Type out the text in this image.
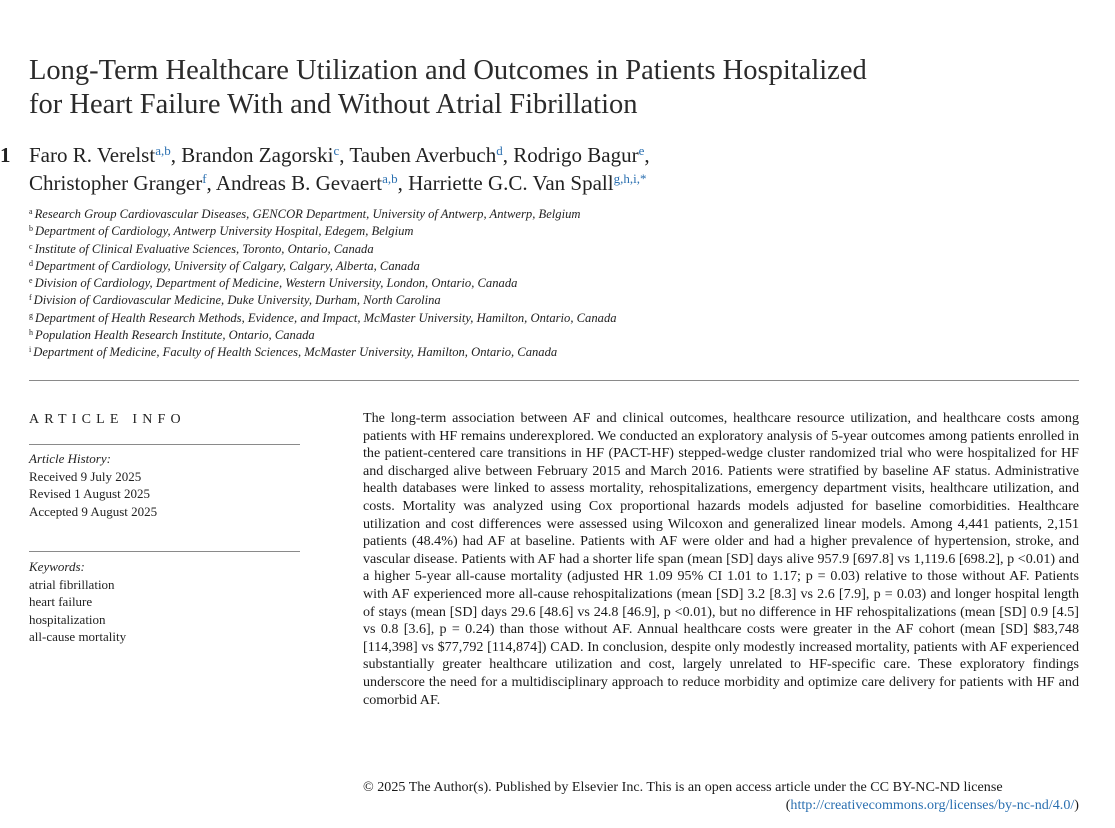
1
Long-Term Healthcare Utilization and Outcomes in Patients Hospitalized
for Heart Failure With and Without Atrial Fibrillation
Faro R. Verelst$^{a,b}$, Brandon Zagorski$^c$, Tauben Averbuch$^d$, Rodrigo Bagur$^e$,
Christopher Granger$^f$, Andreas B. Gevaert$^{a,b}$, Harriette G.C. Van Spall$^{g,h,i,*}$
$^a$ Research Group Cardiovascular Diseases, GENCOR Department, University of Antwerp, Antwerp, Belgium
$^b$ Department of Cardiology, Antwerp University Hospital, Edegem, Belgium
$^c$ Institute of Clinical Evaluative Sciences, Toronto, Ontario, Canada
$^d$ Department of Cardiology, University of Calgary, Calgary, Alberta, Canada
$^e$ Division of Cardiology, Department of Medicine, Western University, London, Ontario, Canada
$^f$ Division of Cardiovascular Medicine, Duke University, Durham, North Carolina
$^g$ Department of Health Research Methods, Evidence, and Impact, McMaster University, Hamilton, Ontario, Canada
$^h$ Population Health Research Institute, Ontario, Canada
$^i$ Department of Medicine, Faculty of Health Sciences, McMaster University, Hamilton, Ontario, Canada
ARTICLE INFO
Article History:
Received 9 July 2025
Revised 1 August 2025
Accepted 9 August 2025
Keywords:
atrial fibrillation
heart failure
hospitalization
all-cause mortality

The long-term association between AF and clinical outcomes, healthcare resource utilization, and healthcare costs among patients with HF remains underexplored. We conducted an exploratory analysis of 5-year outcomes among patients enrolled in the patient-centered care transitions in HF (PACT-HF) stepped-wedge cluster randomized trial who were hospitalized for HF and discharged alive between February 2015 and March 2016. Patients were stratified by baseline AF status. Administrative health databases were linked to assess mortality, rehospitalizations, emergency department visits, healthcare utilization, and costs. Mortality was analyzed using Cox proportional hazards models adjusted for baseline comorbidities. Healthcare utilization and cost differences were assessed using Wilcoxon and generalized linear models. Among 4,441 patients, 2,151 patients (48.4%) had AF at baseline. Patients with AF were older and had a higher prevalence of hypertension, stroke, and vascular disease. Patients with AF had a shorter life span (mean [SD] days alive 957.9 [697.8] vs 1,119.6 [698.2], p <0.01) and a higher 5-year all-cause mortality (adjusted HR 1.09 95% CI 1.01 to 1.17; p = 0.03) relative to those without AF. Patients with AF experienced more all-cause rehospitalizations (mean [SD] 3.2 [8.3] vs 2.6 [7.9], p = 0.03) and longer hospital length of stays (mean [SD] days 29.6 [48.6] vs 24.8 [46.9], p <0.01), but no difference in HF rehospitalizations (mean [SD] 0.9 [4.5] vs 0.8 [3.6], p = 0.24) than those without AF. Annual healthcare costs were greater in the AF cohort (mean [SD] $83,748 [114,398] vs $77,792 [114,874]) CAD. In conclusion, despite only modestly increased mortality, patients with AF experienced substantially greater healthcare utilization and cost, largely unrelated to HF-specific care. These exploratory findings underscore the need for a multidisciplinary approach to reduce morbidity and optimize care delivery for patients with HF and comorbid AF.

© 2025 The Author(s). Published by Elsevier Inc. This is an open access article under the CC BY-NC-ND license
(http://creativecommons.org/licenses/by-nc-nd/4.0/)
